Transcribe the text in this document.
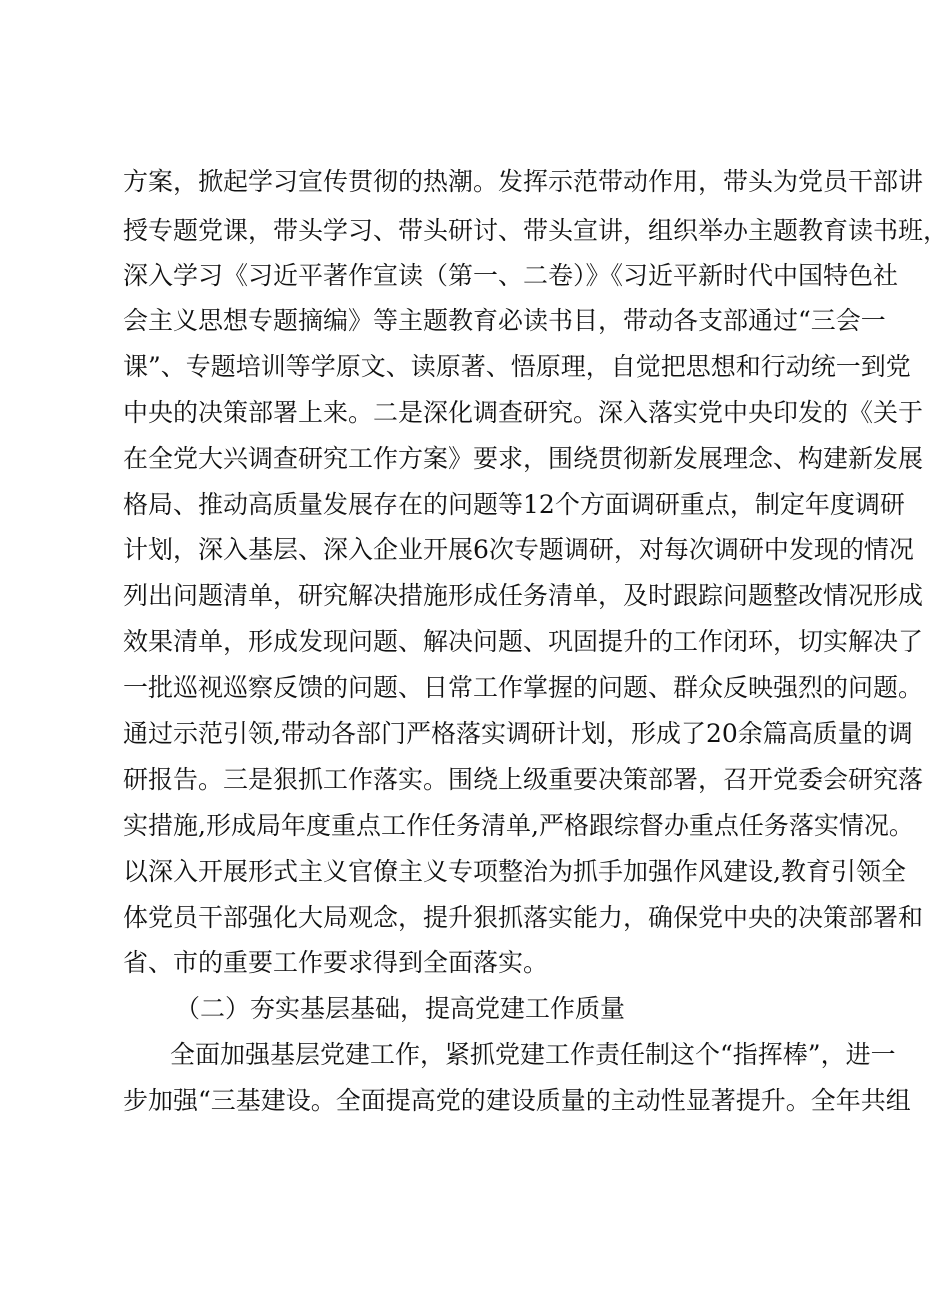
方案，掀起学习宣传贯彻的热潮。发挥示范带动作用，带头为党员干部讲
授专题党课，带头学习、带头研讨、带头宣讲，组织举办主题教育读书班，
深入学习《习近平著作宣读（第一、二卷）》《习近平新时代中国特色社
会主义思想专题摘编》等主题教育必读书目，带动各支部通过“三会一
课”、专题培训等学原文、读原著、悟原理，自觉把思想和行动统一到党
中央的决策部署上来。二是深化调查研究。深入落实党中央印发的《关于
在全党大兴调查研究工作方案》要求，围绕贯彻新发展理念、构建新发展
格局、推动高质量发展存在的问题等12个方面调研重点，制定年度调研
计划，深入基层、深入企业开展6次专题调研，对每次调研中发现的情况
列出问题清单，研究解决措施形成任务清单，及时跟踪问题整改情况形成
效果清单，形成发现问题、解决问题、巩固提升的工作闭环，切实解决了
一批巡视巡察反馈的问题、日常工作掌握的问题、群众反映强烈的问题。
通过示范引领,带动各部门严格落实调研计划，形成了20余篇高质量的调
研报告。三是狠抓工作落实。围绕上级重要决策部署，召开党委会研究落
实措施,形成局年度重点工作任务清单,严格跟综督办重点任务落实情况。
以深入开展形式主义官僚主义专项整治为抓手加强作风建设,教育引领全
体党员干部强化大局观念，提升狠抓落实能力，确保党中央的决策部署和
省、市的重要工作要求得到全面落实。
（二）夯实基层基础，提高党建工作质量
全面加强基层党建工作，紧抓党建工作责任制这个“指挥棒”，进一
步加强“三基建设。全面提高党的建设质量的主动性显著提升。全年共组
